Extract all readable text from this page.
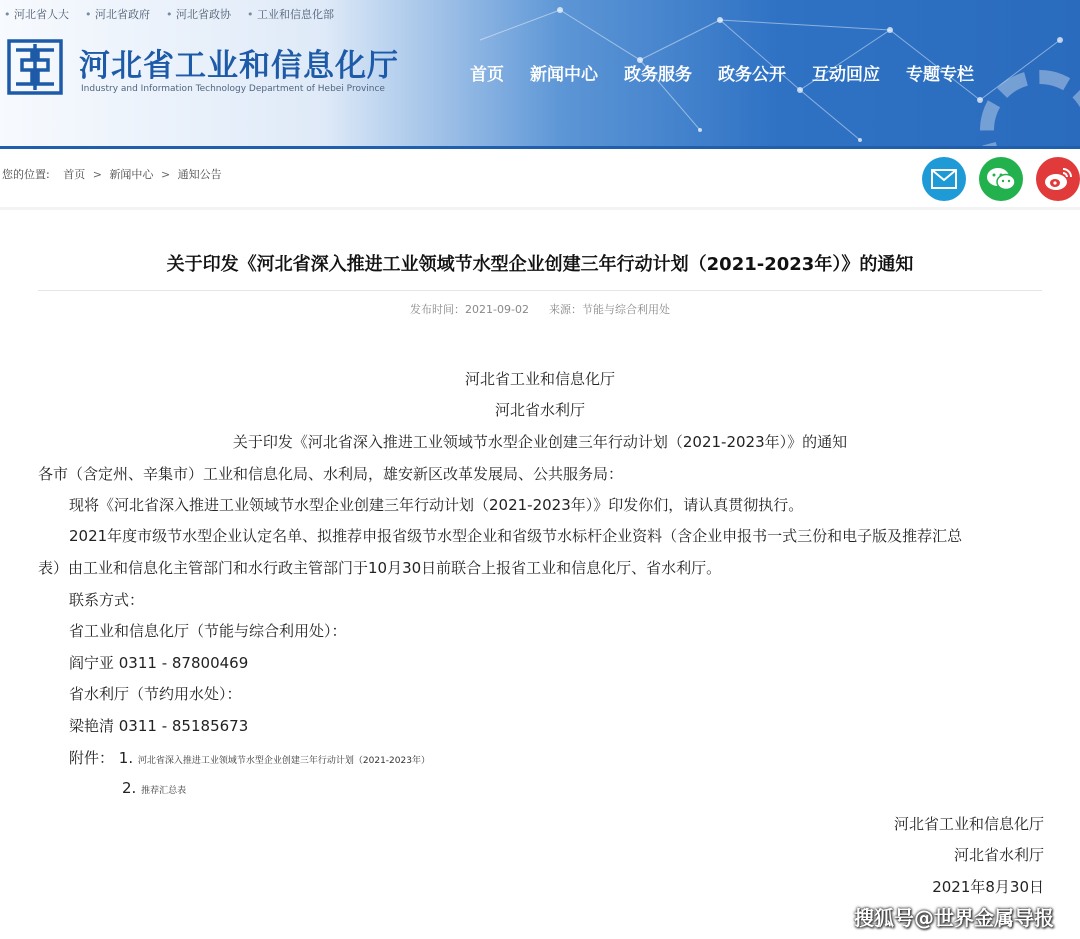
• 河北省人大 • 河北省政府 • 河北省政协 • 工业和信息化部
河北省工业和信息化厅
Industry and Information Technology Department of Hebei Province
首页 新闻中心 政务服务 政务公开 互动回应 专题专栏
您的位置: 首页 > 新闻中心 > 通知公告
关于印发《河北省深入推进工业领域节水型企业创建三年行动计划（2021-2023年）》的通知
发布时间：2021-09-02 来源：节能与综合利用处
河北省工业和信息化厅
河北省水利厅
关于印发《河北省深入推进工业领域节水型企业创建三年行动计划（2021-2023年）》的通知
各市（含定州、辛集市）工业和信息化局、水利局，雄安新区改革发展局、公共服务局：
现将《河北省深入推进工业领域节水型企业创建三年行动计划（2021-2023年）》印发你们，请认真贯彻执行。
2021年度市级节水型企业认定名单、拟推荐申报省级节水型企业和省级节水标杆企业资料（含企业申报书一式三份和电子版及推荐汇总
表）由工业和信息化主管部门和水行政主管部门于10月30日前联合上报省工业和信息化厅、省水利厅。
联系方式：
省工业和信息化厅（节能与综合利用处）：
阎宁亚 0311 - 87800469
省水利厅（节约用水处）：
梁艳清 0311 - 85185673
附件： 1. 河北省深入推进工业领域节水型企业创建三年行动计划（2021-2023年）
2. 推荐汇总表
河北省工业和信息化厅
河北省水利厅
2021年8月30日
搜狐号@世界金属导报
